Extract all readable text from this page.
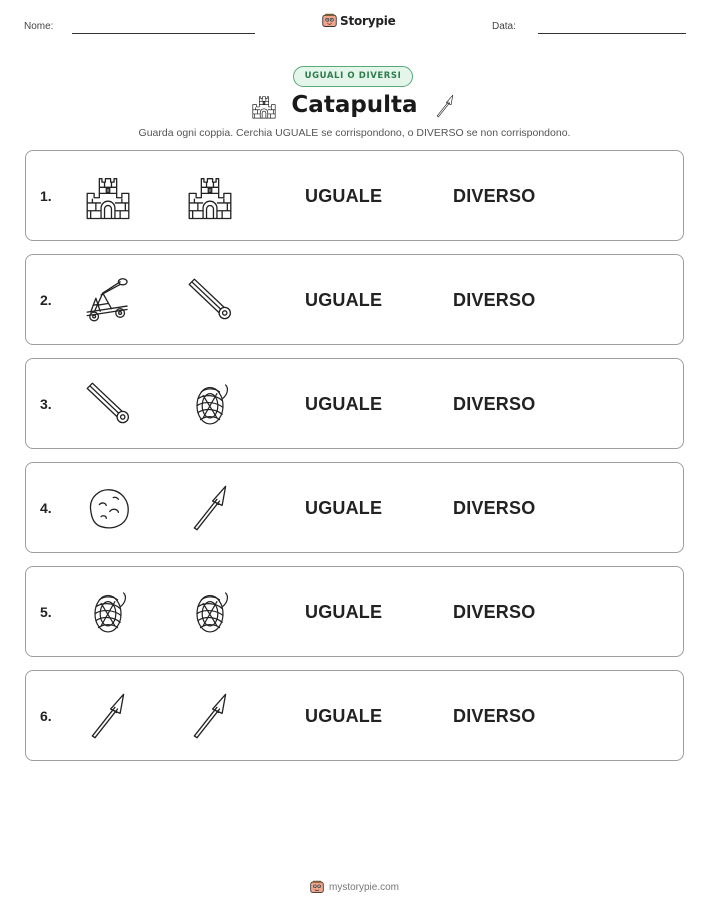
Nome:	Storypie	Data:
UGUALI O DIVERSI
Catapulta
Guarda ogni coppia. Cerchia UGUALE se corrispondono, o DIVERSO se non corrispondono.
1.	UGUALE	DIVERSO
2.	UGUALE	DIVERSO
3.	UGUALE	DIVERSO
4.	UGUALE	DIVERSO
5.	UGUALE	DIVERSO
6.	UGUALE	DIVERSO
mystorypie.com
